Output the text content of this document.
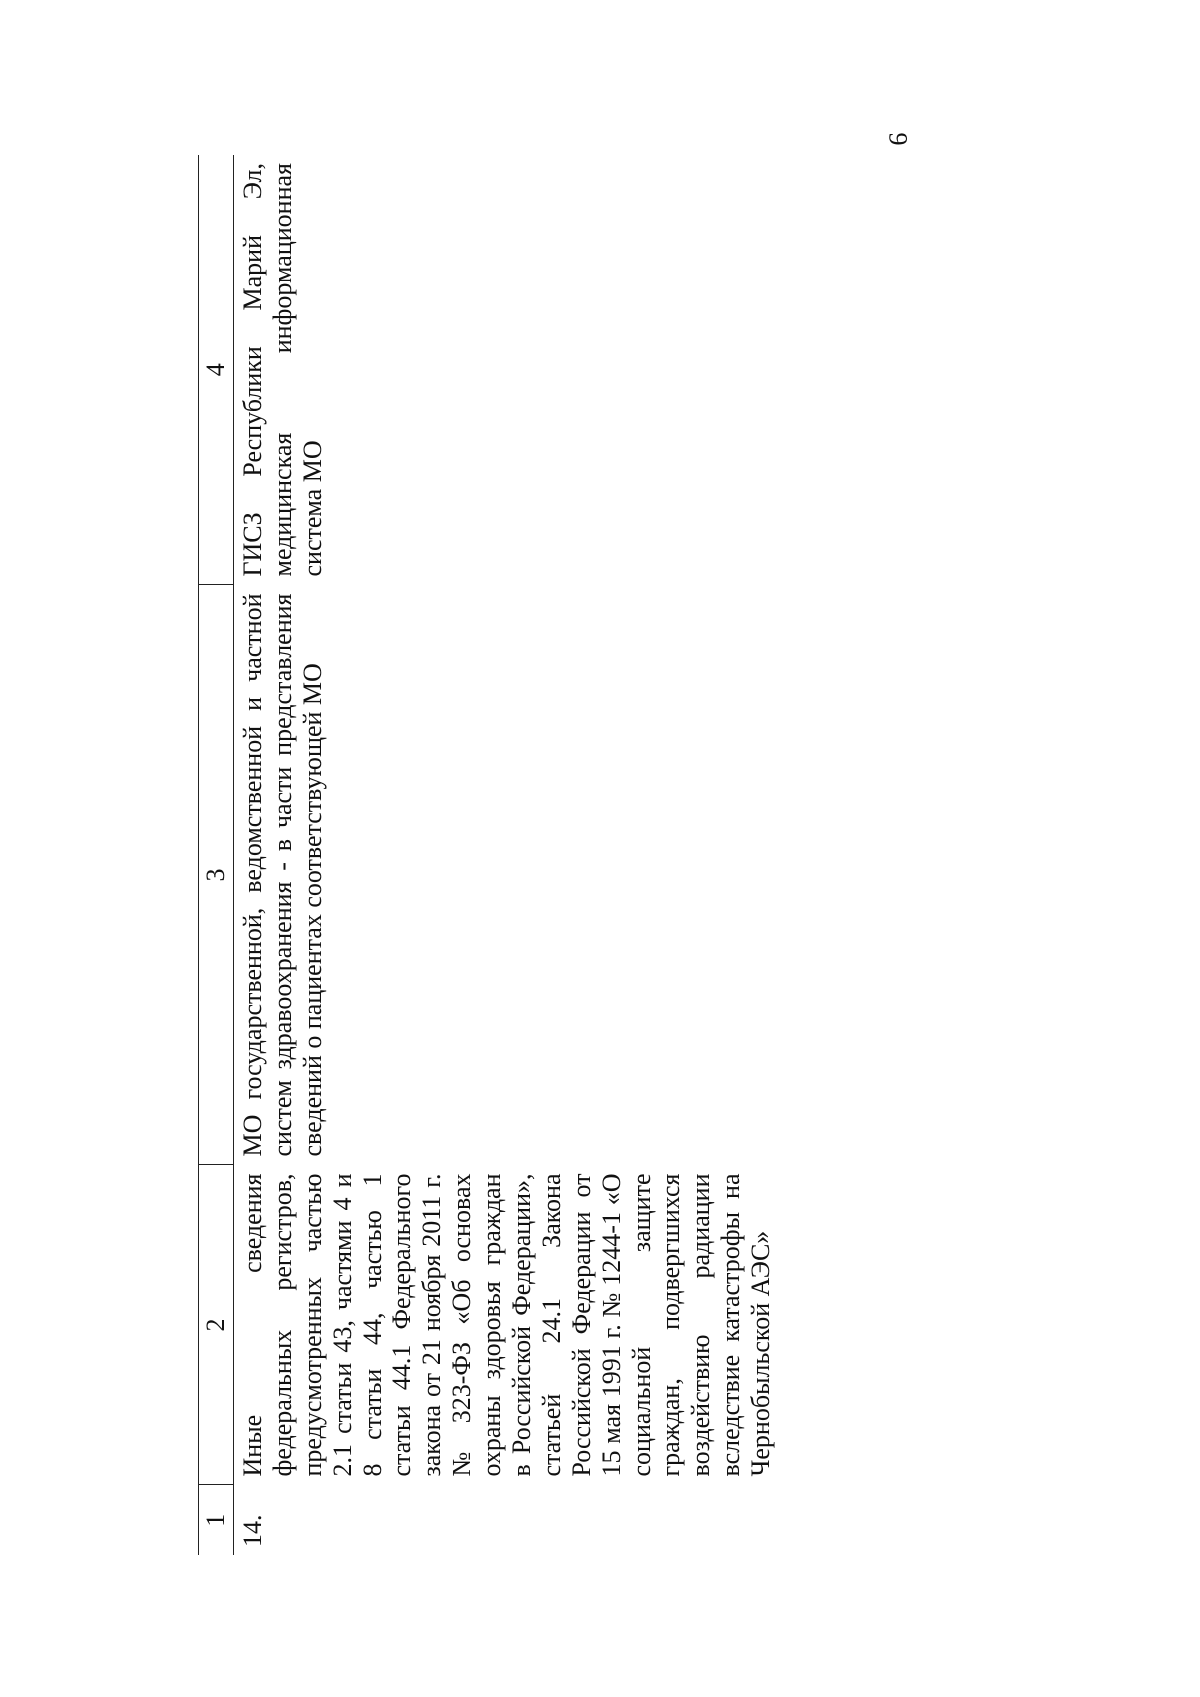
9
1	2	3	4
14.	Иные сведения федеральных регистров, предусмотренных частью 2.1 статьи 43, частями 4 и 8 статьи 44, частью 1 статьи 44.1 Федерального закона от 21 ноября 2011 г. № 323-ФЗ «Об основах охраны здоровья граждан в Российской Федерации», статьей 24.1 Закона Российской Федерации от 15 мая 1991 г. № 1244-1 «О социальной защите граждан, подвергшихся воздействию радиации вследствие катастрофы на Чернобыльской АЭС»	МО государственной, ведомственной и частной систем здравоохранения - в части представления сведений о пациентах соответствующей МО	ГИСЗ Республики Марий Эл, медицинская информационная система МО
